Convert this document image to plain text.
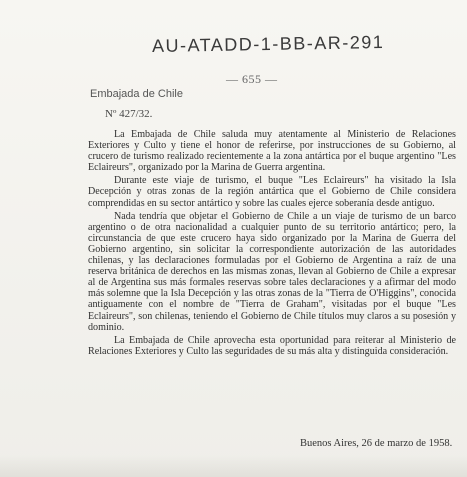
AU-ATADD-1-BB-AR-291
— 655 —
Embajada de Chile
Nº 427/32.

La Embajada de Chile saluda muy atentamente al Ministerio de Relaciones Exteriores y Culto y tiene el honor de referirse, por instrucciones de su Gobierno, al crucero de turismo realizado recientemente a la zona antártica por el buque argentino "Les Eclaireurs", organizado por la Marina de Guerra argentina.

Durante este viaje de turismo, el buque "Les Eclaireurs" ha visitado la Isla Decepción y otras zonas de la región antártica que el Gobierno de Chile considera comprendidas en su sector antártico y sobre las cuales ejerce soberanía desde antiguo.

Nada tendría que objetar el Gobierno de Chile a un viaje de turismo de un barco argentino o de otra nacionalidad a cualquier punto de su territorio antártico; pero, la circunstancia de que este crucero haya sido organizado por la Marina de Guerra del Gobierno argentino, sin solicitar la correspondiente autorización de las autoridades chilenas, y las declaraciones formuladas por el Gobierno de Argentina a raíz de una reserva británica de derechos en las mismas zonas, llevan al Gobierno de Chile a expresar al de Argentina sus más formales reservas sobre tales declaraciones y a afirmar del modo más solemne que la Isla Decepción y las otras zonas de la "Tierra de O'Higgins", conocida antiguamente con el nombre de "Tierra de Graham", visitadas por el buque "Les Eclaireurs", son chilenas, teniendo el Gobierno de Chile títulos muy claros a su posesión y dominio.

La Embajada de Chile aprovecha esta oportunidad para reiterar al Ministerio de Relaciones Exteriores y Culto las seguridades de su más alta y distinguida consideración.

Buenos Aires, 26 de marzo de 1958.
